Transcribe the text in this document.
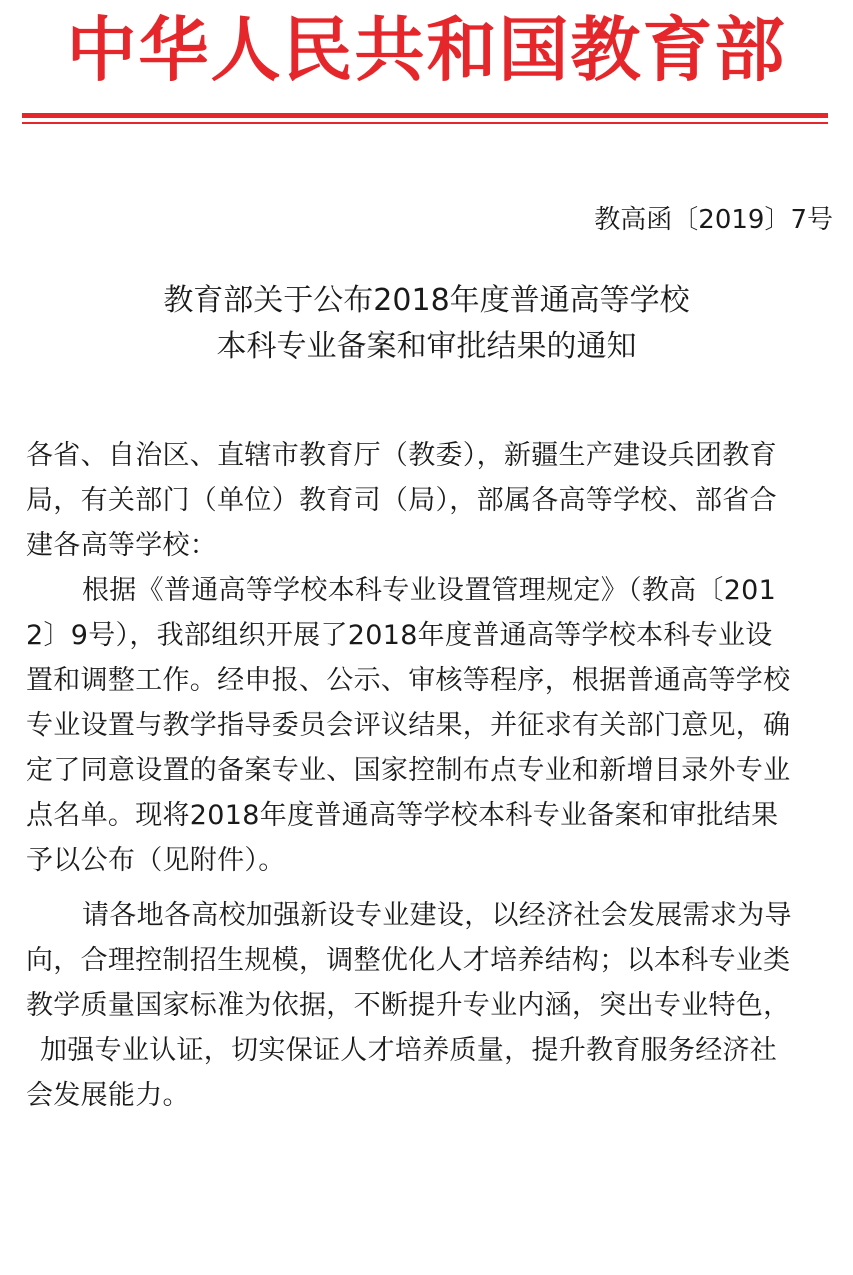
中华人民共和国教育部
教高函〔2019〕7号
教育部关于公布2018年度普通高等学校
本科专业备案和审批结果的通知
各省、自治区、直辖市教育厅（教委），新疆生产建设兵团教育
局，有关部门（单位）教育司（局），部属各高等学校、部省合
建各高等学校：
根据《普通高等学校本科专业设置管理规定》（教高〔201
2〕9号），我部组织开展了2018年度普通高等学校本科专业设
置和调整工作。经申报、公示、审核等程序，根据普通高等学校
专业设置与教学指导委员会评议结果，并征求有关部门意见，确
定了同意设置的备案专业、国家控制布点专业和新增目录外专业
点名单。现将2018年度普通高等学校本科专业备案和审批结果
予以公布（见附件）。
请各地各高校加强新设专业建设，以经济社会发展需求为导
向，合理控制招生规模，调整优化人才培养结构；以本科专业类
教学质量国家标准为依据，不断提升专业内涵，突出专业特色，
加强专业认证，切实保证人才培养质量，提升教育服务经济社
会发展能力。
